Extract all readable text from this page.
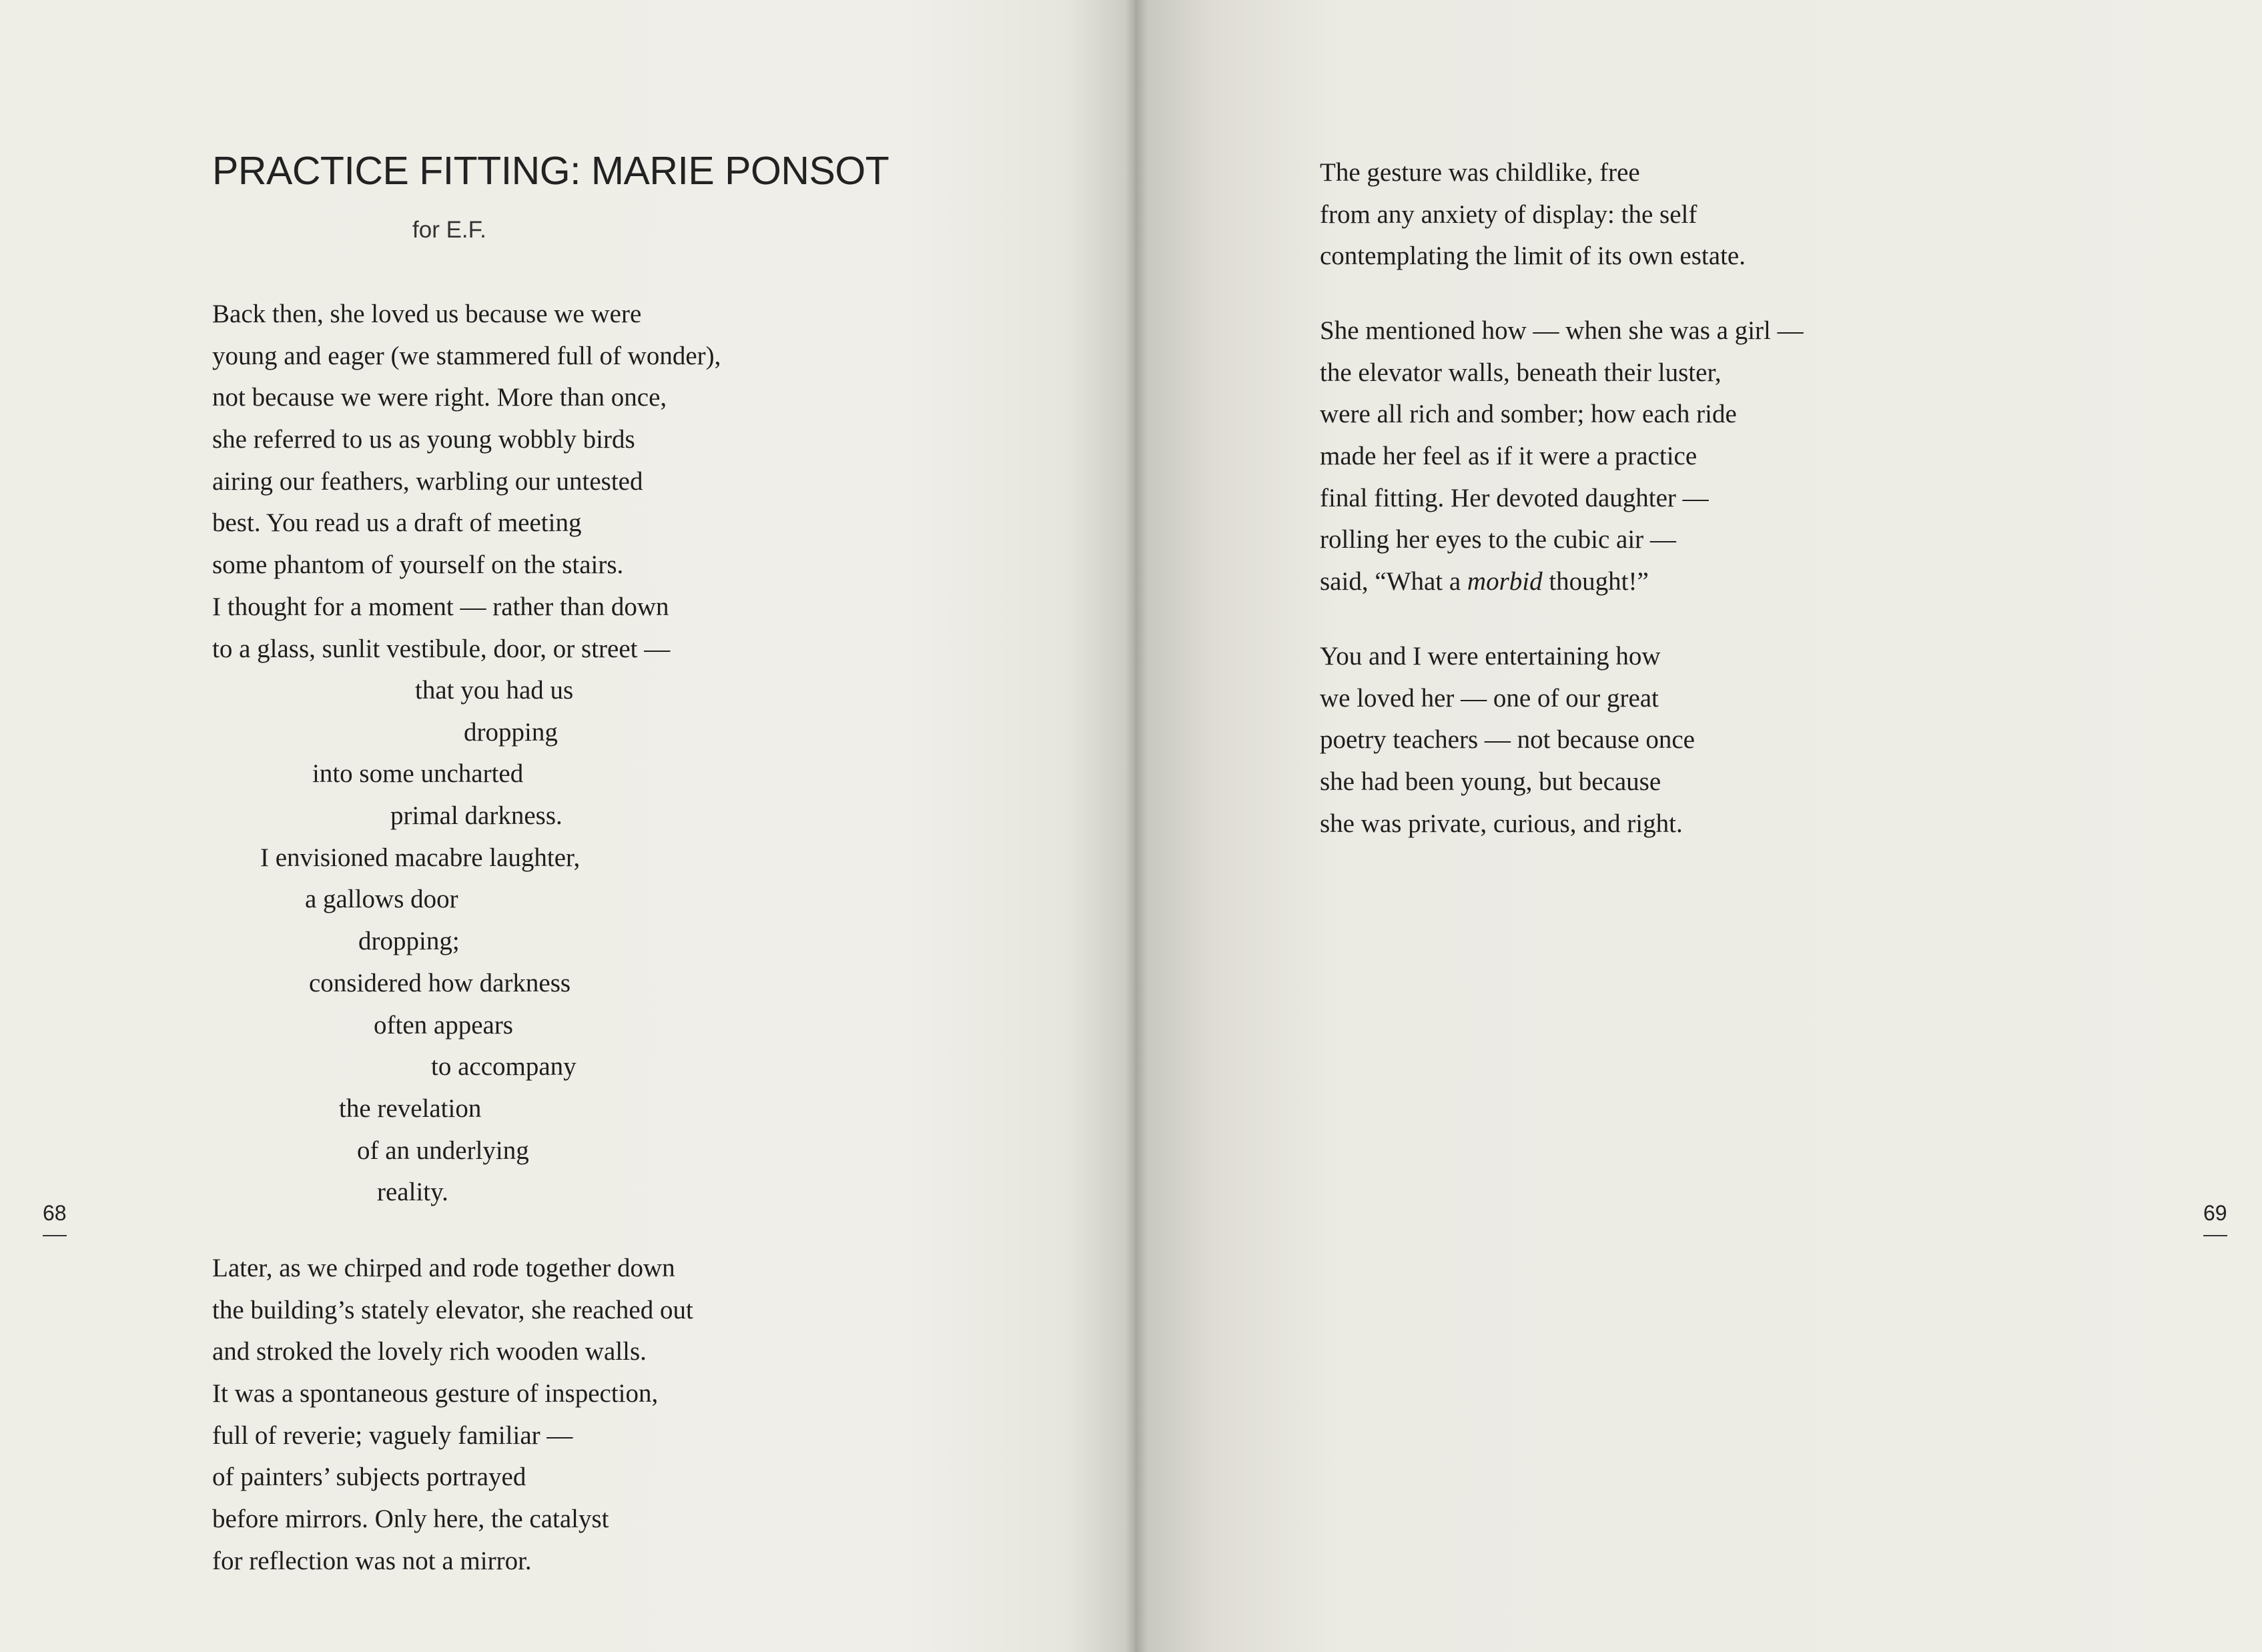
PRACTICE FITTING: MARIE PONSOT
for E.F.
Back then, she loved us because we were
young and eager (we stammered full of wonder),
not because we were right. More than once,
she referred to us as young wobbly birds
airing our feathers, warbling our untested
best. You read us a draft of meeting
some phantom of yourself on the stairs.
I thought for a moment — rather than down
to a glass, sunlit vestibule, door, or street —
that you had us
dropping
into some uncharted
primal darkness.
I envisioned macabre laughter,
a gallows door
dropping;
considered how darkness
often appears
to accompany
the revelation
of an underlying
reality.
Later, as we chirped and rode together down
the building’s stately elevator, she reached out
and stroked the lovely rich wooden walls.
It was a spontaneous gesture of inspection,
full of reverie; vaguely familiar —
of painters’ subjects portrayed
before mirrors. Only here, the catalyst
for reflection was not a mirror.
68
The gesture was childlike, free
from any anxiety of display: the self
contemplating the limit of its own estate.
She mentioned how — when she was a girl —
the elevator walls, beneath their luster,
were all rich and somber; how each ride
made her feel as if it were a practice
final fitting. Her devoted daughter —
rolling her eyes to the cubic air —
said, “What a morbid thought!”
You and I were entertaining how
we loved her — one of our great
poetry teachers — not because once
she had been young, but because
she was private, curious, and right.
69
